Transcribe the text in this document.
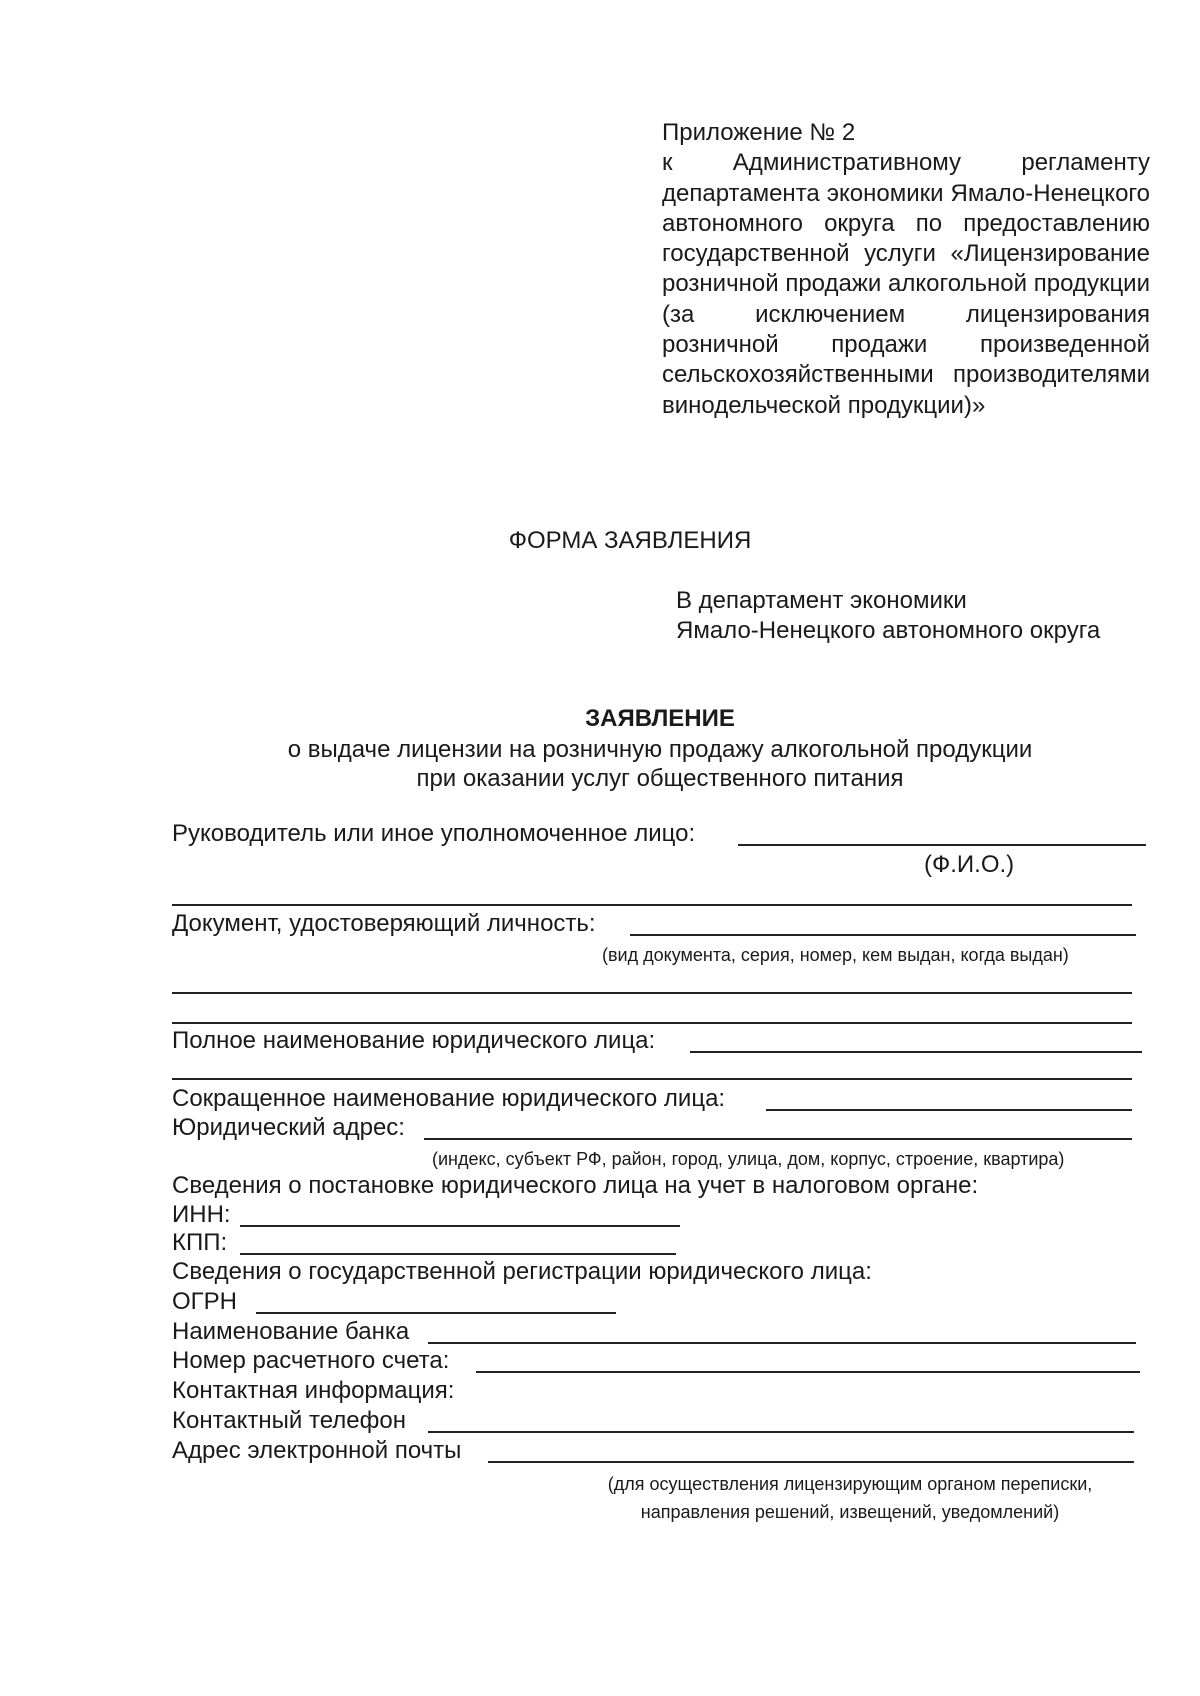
Приложение № 2
к Административному регламенту департамента экономики Ямало-Ненецкого автономного округа по предоставлению государственной услуги «Лицензирование розничной продажи алкогольной продукции (за исключением лицензирования розничной продажи произведенной сельскохозяйственными производителями винодельческой продукции)»
ФОРМА ЗАЯВЛЕНИЯ
В департамент экономики
Ямало-Ненецкого автономного округа
ЗАЯВЛЕНИЕ
о выдаче лицензии на розничную продажу алкогольной продукции
при оказании услуг общественного питания
Руководитель или иное уполномоченное лицо:
(Ф.И.О.)
Документ, удостоверяющий личность:
(вид документа, серия, номер, кем выдан, когда выдан)
Полное наименование юридического лица:
Сокращенное наименование юридического лица:
Юридический адрес:
(индекс, субъект РФ, район, город, улица, дом, корпус, строение, квартира)
Сведения о постановке юридического лица на учет в налоговом органе:
ИНН:
КПП:
Сведения о государственной регистрации юридического лица:
ОГРН
Наименование банка
Номер расчетного счета:
Контактная информация:
Контактный телефон
Адрес электронной почты
(для осуществления лицензирующим органом переписки,
направления решений, извещений, уведомлений)
